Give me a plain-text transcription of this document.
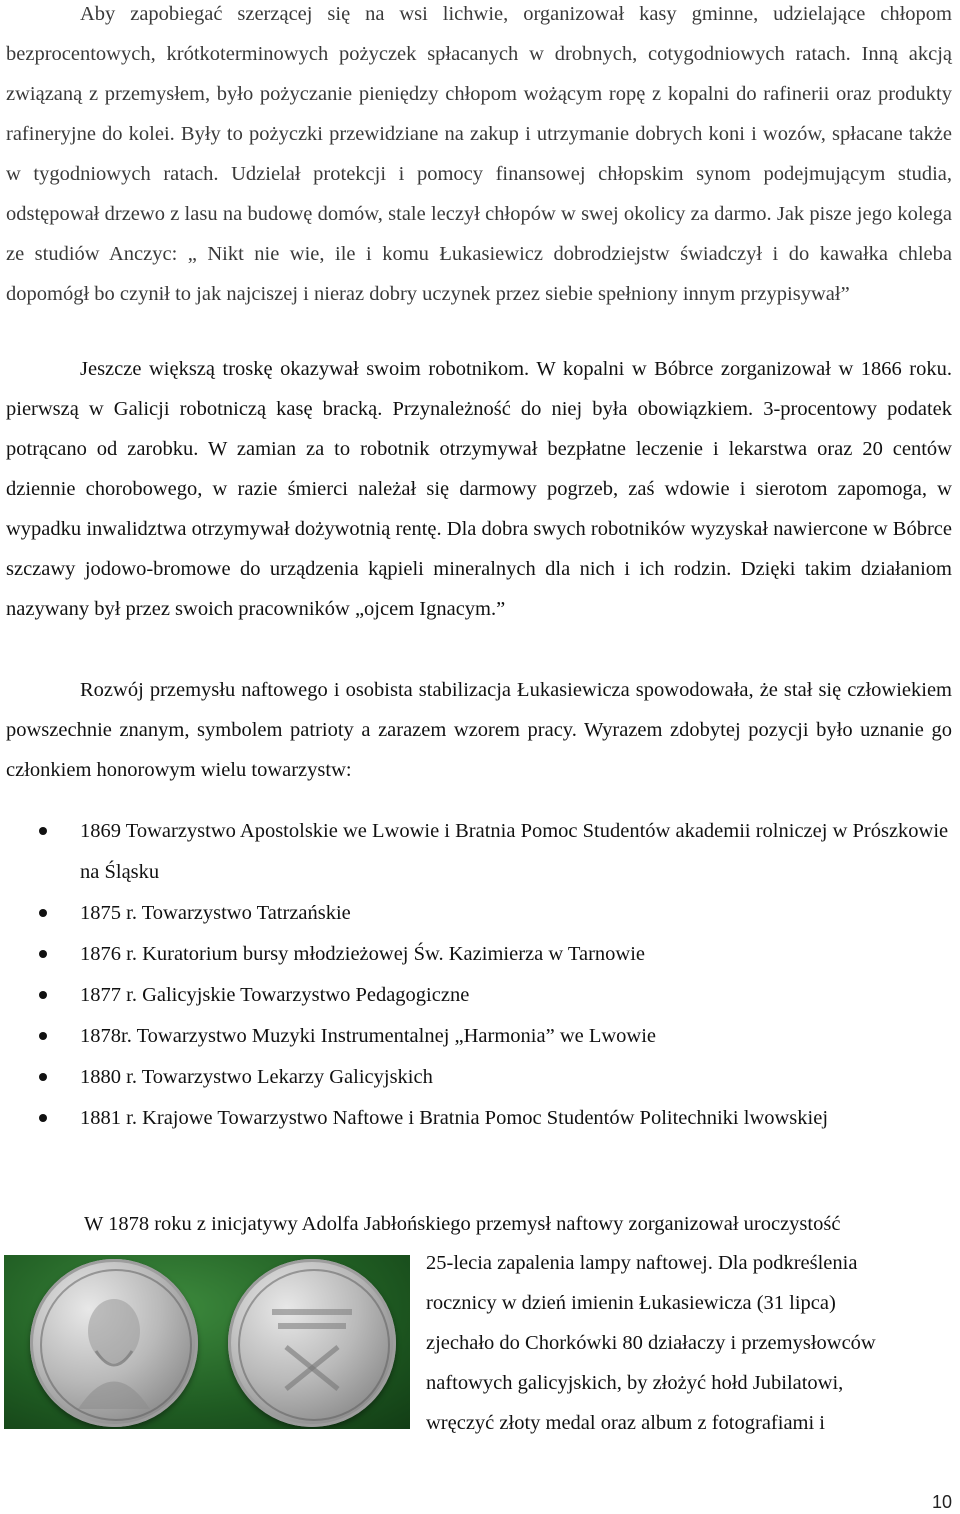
Aby zapobiegać szerzącej się na wsi lichwie, organizował kasy gminne, udzielające chłopom bezprocentowych, krótkoterminowych pożyczek spłacanych w drobnych, cotygodniowych ratach. Inną akcją związaną z przemysłem, było pożyczanie pieniędzy chłopom wożącym ropę z kopalni do rafinerii oraz produkty rafineryjne do kolei. Były to pożyczki przewidziane na zakup i utrzymanie dobrych koni i wozów, spłacane także w tygodniowych ratach. Udzielał protekcji i pomocy finansowej chłopskim synom podejmującym studia, odstępował drzewo z lasu na budowę domów, stale leczył chłopów w swej okolicy za darmo. Jak pisze jego kolega ze studiów Anczyc: „ Nikt nie wie, ile i komu Łukasiewicz dobrodziejstw świadczył i do kawałka chleba dopomógł bo czynił to jak najciszej i nieraz dobry uczynek przez siebie spełniony innym przypisywał”

Jeszcze większą troskę okazywał swoim robotnikom. W kopalni w Bóbrce zorganizował w 1866 roku. pierwszą w Galicji robotniczą kasę bracką. Przynależność do niej była obowiązkiem. 3-procentowy podatek potrącano od zarobku. W zamian za to robotnik otrzymywał bezpłatne leczenie i lekarstwa oraz 20 centów dziennie chorobowego, w razie śmierci należał się darmowy pogrzeb, zaś wdowie i sierotom zapomoga, w wypadku inwalidztwa otrzymywał dożywotnią rentę. Dla dobra swych robotników wyzyskał nawiercone w Bóbrce szczawy jodowo-bromowe do urządzenia kąpieli mineralnych dla nich i ich rodzin. Dzięki takim działaniom nazywany był przez swoich pracowników „ojcem Ignacym.”

Rozwój przemysłu naftowego i osobista stabilizacja Łukasiewicza spowodowała, że stał się człowiekiem powszechnie znanym, symbolem patrioty a zarazem wzorem pracy. Wyrazem zdobytej pozycji było uznanie go członkiem honorowym wielu towarzystw:

1869 Towarzystwo Apostolskie we Lwowie i Bratnia Pomoc Studentów akademii rolniczej w Prószkowie na Śląsku
1875 r. Towarzystwo Tatrzańskie
1876 r. Kuratorium bursy młodzieżowej Św. Kazimierza w Tarnowie
1877 r. Galicyjskie Towarzystwo Pedagogiczne
1878r. Towarzystwo Muzyki Instrumentalnej „Harmonia” we Lwowie
1880 r. Towarzystwo Lekarzy Galicyjskich
1881 r. Krajowe Towarzystwo Naftowe i Bratnia Pomoc Studentów Politechniki lwowskiej

W 1878 roku z inicjatywy Adolfa Jabłońskiego przemysł naftowy zorganizował uroczystość

25-lecia zapalenia lampy naftowej. Dla podkreślenia
rocznicy w dzień imienin Łukasiewicza (31 lipca)
zjechało do Chorkówki 80 działaczy i przemysłowców
naftowych galicyjskich, by złożyć hołd Jubilatowi,
wręczyć złoty medal oraz album z fotografiami i
10
